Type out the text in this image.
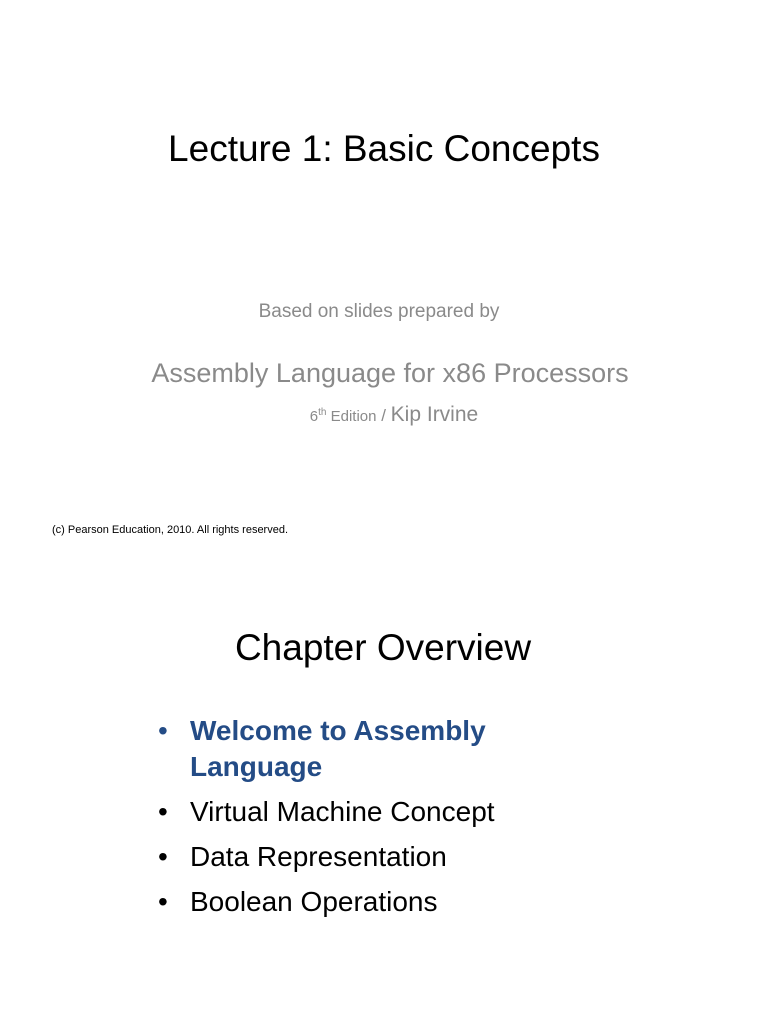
Lecture 1: Basic Concepts
Based on slides prepared by
Assembly Language for x86 Processors
6th Edition / Kip Irvine
(c) Pearson Education, 2010. All rights reserved.
Chapter Overview
• Welcome to Assembly Language
• Virtual Machine Concept
• Data Representation
• Boolean Operations
